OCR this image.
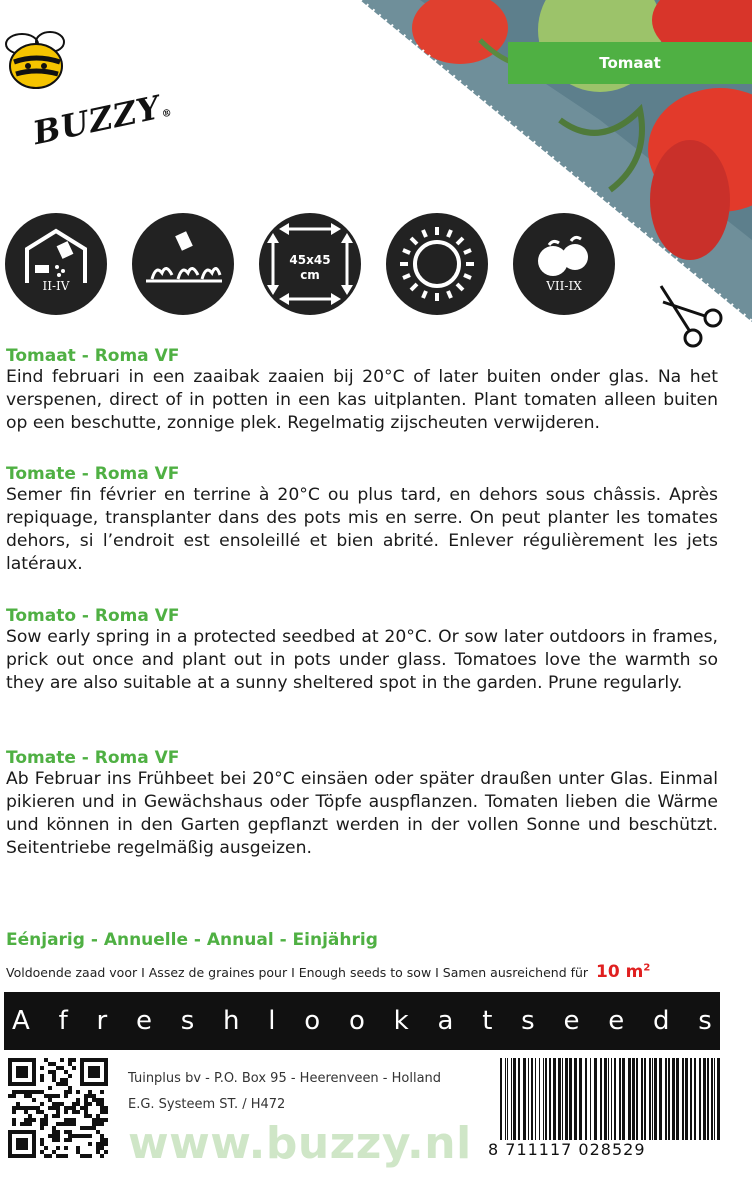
BUZZY®
Tomaat
II-IV
45x45
cm
VII-IX
Tomaat - Roma VF
Eind februari in een zaaibak zaaien bij 20°C of later buiten onder glas. Na het verspenen, direct of in potten in een kas uitplanten. Plant tomaten alleen buiten op een beschutte, zonnige plek. Regelmatig zijscheuten verwijderen.
Tomate - Roma VF
Semer fin février en terrine à 20°C ou plus tard, en dehors sous châssis. Après repiquage, transplanter dans des pots mis en serre. On peut planter les tomates dehors, si l’endroit est ensoleillé et bien abrité. Enlever régulièrement les jets latéraux.
Tomato - Roma VF
Sow early spring in a protected seedbed at 20°C. Or sow later outdoors in frames, prick out once and plant out in pots under glass. Tomatoes love the warmth so they are also suitable at a sunny sheltered spot in the garden. Prune regularly.
Tomate - Roma VF
Ab Februar ins Frühbeet bei 20°C einsäen oder später draußen unter Glas. Einmal pikieren und in Gewächshaus oder Töpfe auspflanzen. Tomaten lieben die Wärme und können in den Garten gepflanzt werden in der vollen Sonne und beschützt. Seitentriebe regelmäßig ausgeizen.
Eénjarig - Annuelle - Annual - Einjährig
Voldoende zaad voor I Assez de graines pour I Enough seeds to sow I Samen ausreichend für 10 $m^2$
A f r e s h l o o k a t s e e d s
Tuinplus bv - P.O. Box 95 - Heerenveen - Holland
E.G. Systeem ST. / H472
www.buzzy.nl 8 711117 028529
